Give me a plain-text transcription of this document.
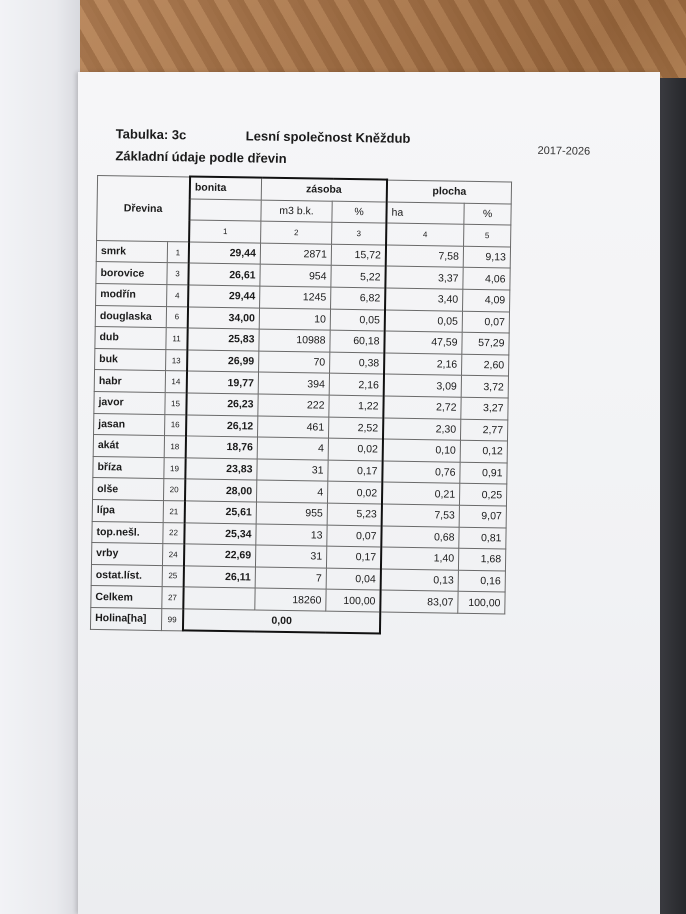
Tabulka: 3c	Lesní společnost Kněždub
Základní údaje podle dřevin	2017-2026
Dřevina		bonita	zásoba		plocha	
			m3 b.k.	%	ha	%
		1	2	3	4	5
smrk	1	29,44	2871	15,72	7,58	9,13
borovice	3	26,61	954	5,22	3,37	4,06
modřín	4	29,44	1245	6,82	3,40	4,09
douglaska	6	34,00	10	0,05	0,05	0,07
dub	11	25,83	10988	60,18	47,59	57,29
buk	13	26,99	70	0,38	2,16	2,60
habr	14	19,77	394	2,16	3,09	3,72
javor	15	26,23	222	1,22	2,72	3,27
jasan	16	26,12	461	2,52	2,30	2,77
akát	18	18,76	4	0,02	0,10	0,12
bříza	19	23,83	31	0,17	0,76	0,91
olše	20	28,00	4	0,02	0,21	0,25
lípa	21	25,61	955	5,23	7,53	9,07
top.nešl.	22	25,34	13	0,07	0,68	0,81
vrby	24	22,69	31	0,17	1,40	1,68
ostat.líst.	25	26,11	7	0,04	0,13	0,16
Celkem	27		18260	100,00	83,07	100,00
Holina[ha]	99	0,00				
